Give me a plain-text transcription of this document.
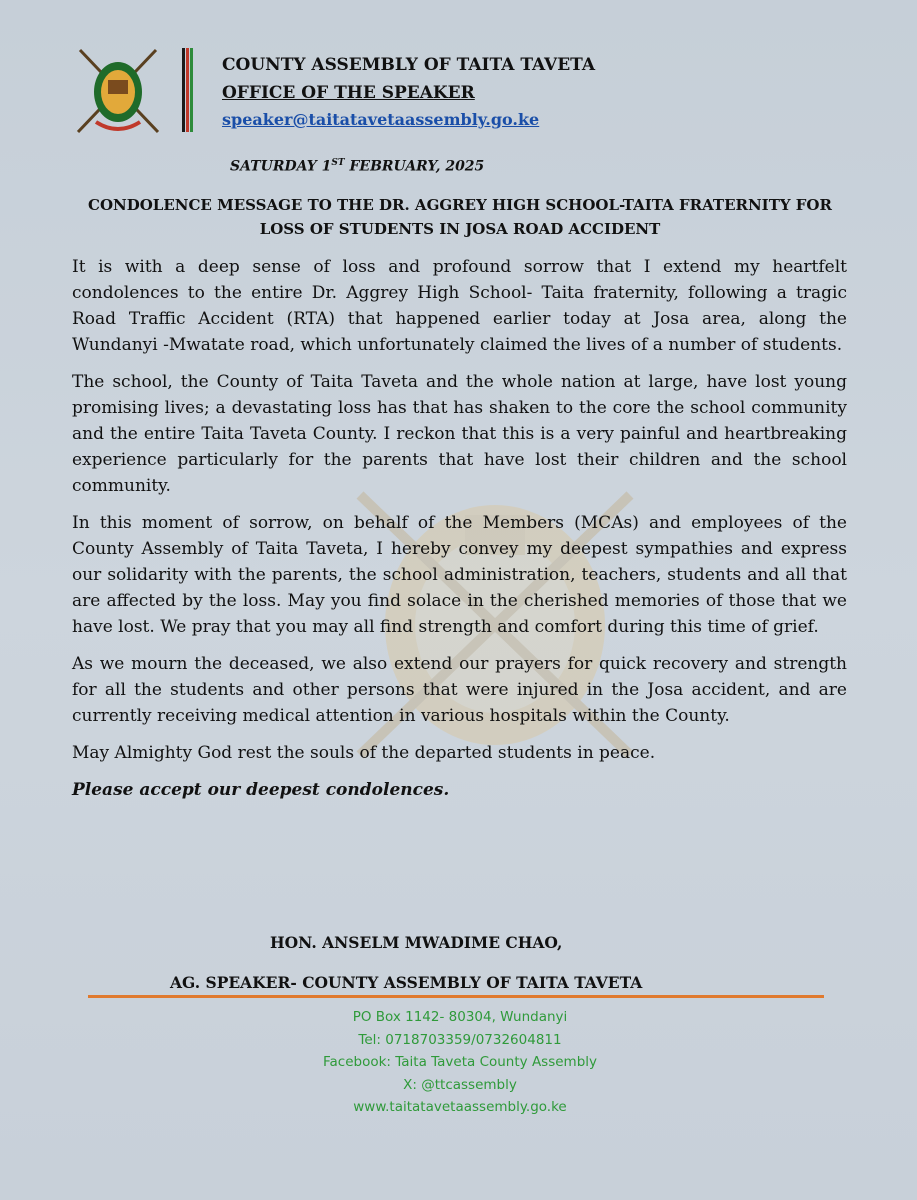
COUNTY ASSEMBLY OF TAITA TAVETA
OFFICE OF THE SPEAKER
speaker@taitatavetaassembly.go.ke
SATURDAY 1ST FEBRUARY, 2025
CONDOLENCE MESSAGE TO THE DR. AGGREY HIGH SCHOOL-TAITA FRATERNITY FOR
LOSS OF STUDENTS IN JOSA ROAD ACCIDENT

It is with a deep sense of loss and profound sorrow that I extend my heartfelt condolences to the entire Dr. Aggrey High School- Taita fraternity, following a tragic Road Traffic Accident (RTA) that happened earlier today at Josa area, along the Wundanyi -Mwatate road, which unfortunately claimed the lives of a number of students.

The school, the County of Taita Taveta and the whole nation at large, have lost young promising lives; a devastating loss has that has shaken to the core the school community and the entire Taita Taveta County. I reckon that this is a very painful and heartbreaking experience particularly for the parents that have lost their children and the school community.

In this moment of sorrow, on behalf of the Members (MCAs) and employees of the County Assembly of Taita Taveta, I hereby convey my deepest sympathies and express our solidarity with the parents, the school administration, teachers, students and all that are affected by the loss. May you find solace in the cherished memories of those that we have lost. We pray that you may all find strength and comfort during this time of grief.

As we mourn the deceased, we also extend our prayers for quick recovery and strength for all the students and other persons that were injured in the Josa accident, and are currently receiving medical attention in various hospitals within the County.

May Almighty God rest the souls of the departed students in peace.

Please accept our deepest condolences.

HON. ANSELM MWADIME CHAO,
AG. SPEAKER- COUNTY ASSEMBLY OF TAITA TAVETA
PO Box 1142- 80304, Wundanyi
Tel: 0718703359/0732604811
Facebook: Taita Taveta County Assembly
X: @ttcassembly
www.taitatavetaassembly.go.ke
